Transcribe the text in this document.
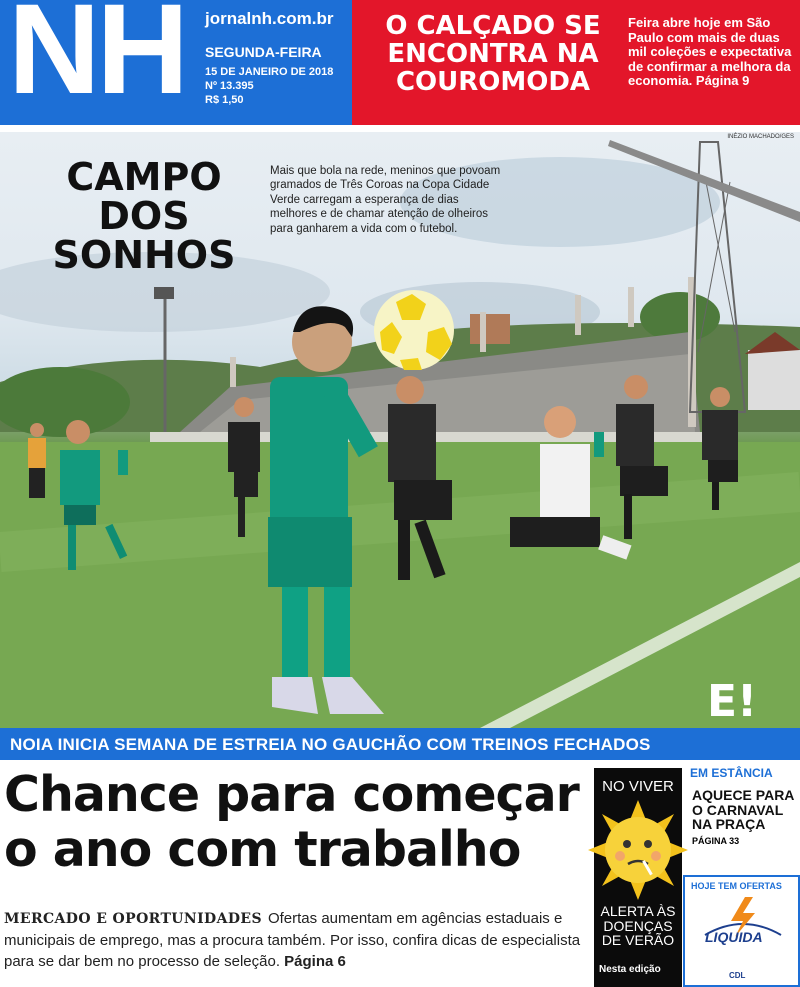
NH jornalnh.com.br
SEGUNDA-FEIRA
15 DE JANEIRO DE 2018
Nº 13.395
R$ 1,50
O CALÇADO SE ENCONTRA NA COUROMODA
Feira abre hoje em São Paulo com mais de duas mil coleções e expectativa de confirmar a melhora da economia. Página 9
INÉZIO MACHADO/GES
CAMPO DOS
SONHOS
Mais que bola na rede, meninos que povoam gramados de Três Coroas na Copa Cidade Verde carregam a esperança de dias melhores e de chamar atenção de olheiros para ganharem a vida com o futebol.
E!
NOIA INICIA SEMANA DE ESTREIA NO GAUCHÃO COM TREINOS FECHADOS
Chance para começar o ano com trabalho

MERCADO E OPORTUNIDADES Ofertas aumentam em agências estaduais e municipais de emprego, mas a procura também. Por isso, confira dicas de especialista para se dar bem no processo de seleção. Página 6

NO VIVER
ALERTA ÀS DOENÇAS DE VERÃO
Nesta edição
EM ESTÂNCIA
AQUECE PARA O CARNAVAL NA PRAÇA
PÁGINA 33
HOJE TEM OFERTAS
LIQUIDA
CDL
